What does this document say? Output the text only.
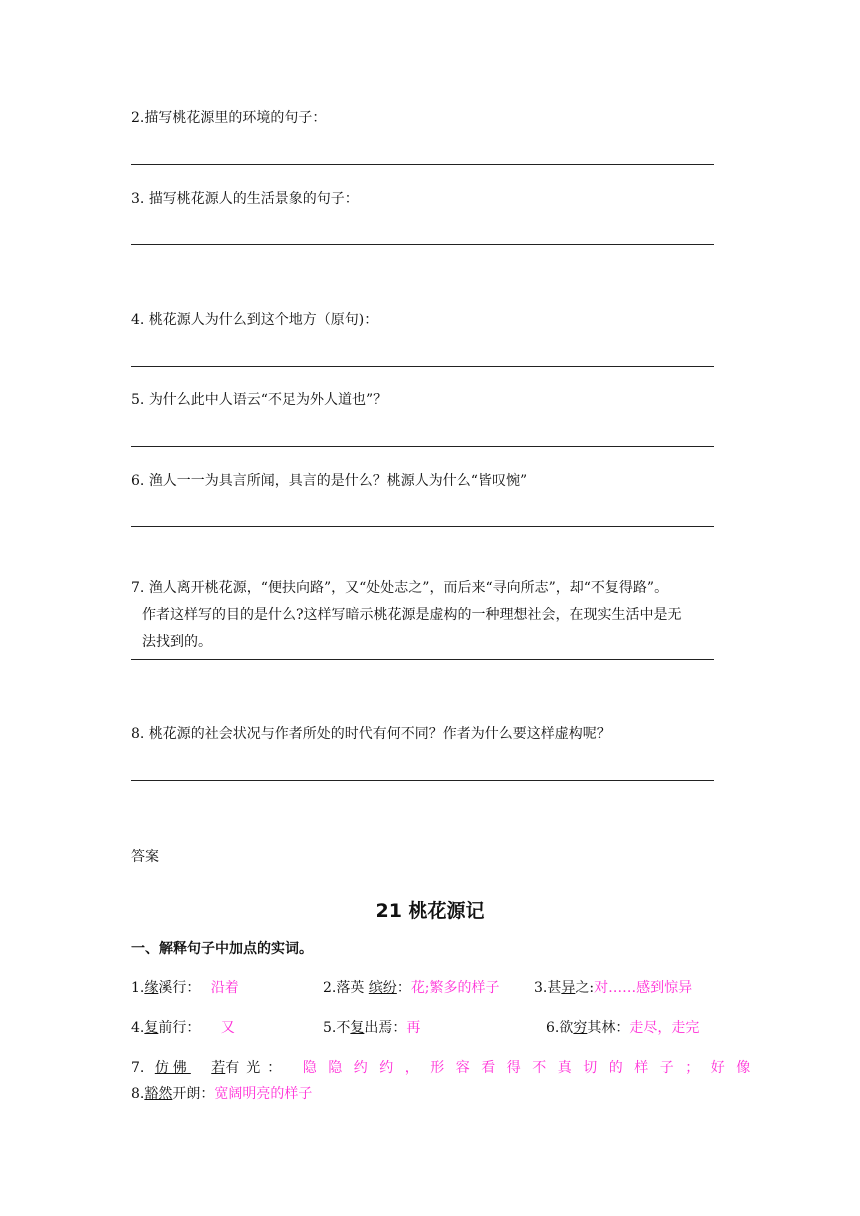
2.描写桃花源里的环境的句子：
3. 描写桃花源人的生活景象的句子：
4. 桃花源人为什么到这个地方（原句)：
5. 为什么此中人语云“不足为外人道也”？
6. 渔人一一为具言所闻，具言的是什么？桃源人为什么“皆叹惋”
7. 渔人离开桃花源，“便扶向路”，又“处处志之”，而后来“寻向所志”，却“不复得路”。
作者这样写的目的是什么?这样写暗示桃花源是虚构的一种理想社会，在现实生活中是无
法找到的。
8. 桃花源的社会状况与作者所处的时代有何不同？作者为什么要这样虚构呢？
答案
21 桃花源记
一、解释句子中加点的实词。
1.缘溪行： 沿着	2.落英 缤纷：花;繁多的样子 3.甚异之:对……感到惊异
4.复前行： 又	5.不复出焉：再	6.欲穷其林：走尽，走完
7. 仿佛 若有光： 隐隐约约，形容看得不真切的样子；好像
8.豁然开朗：宽阔明亮的样子
